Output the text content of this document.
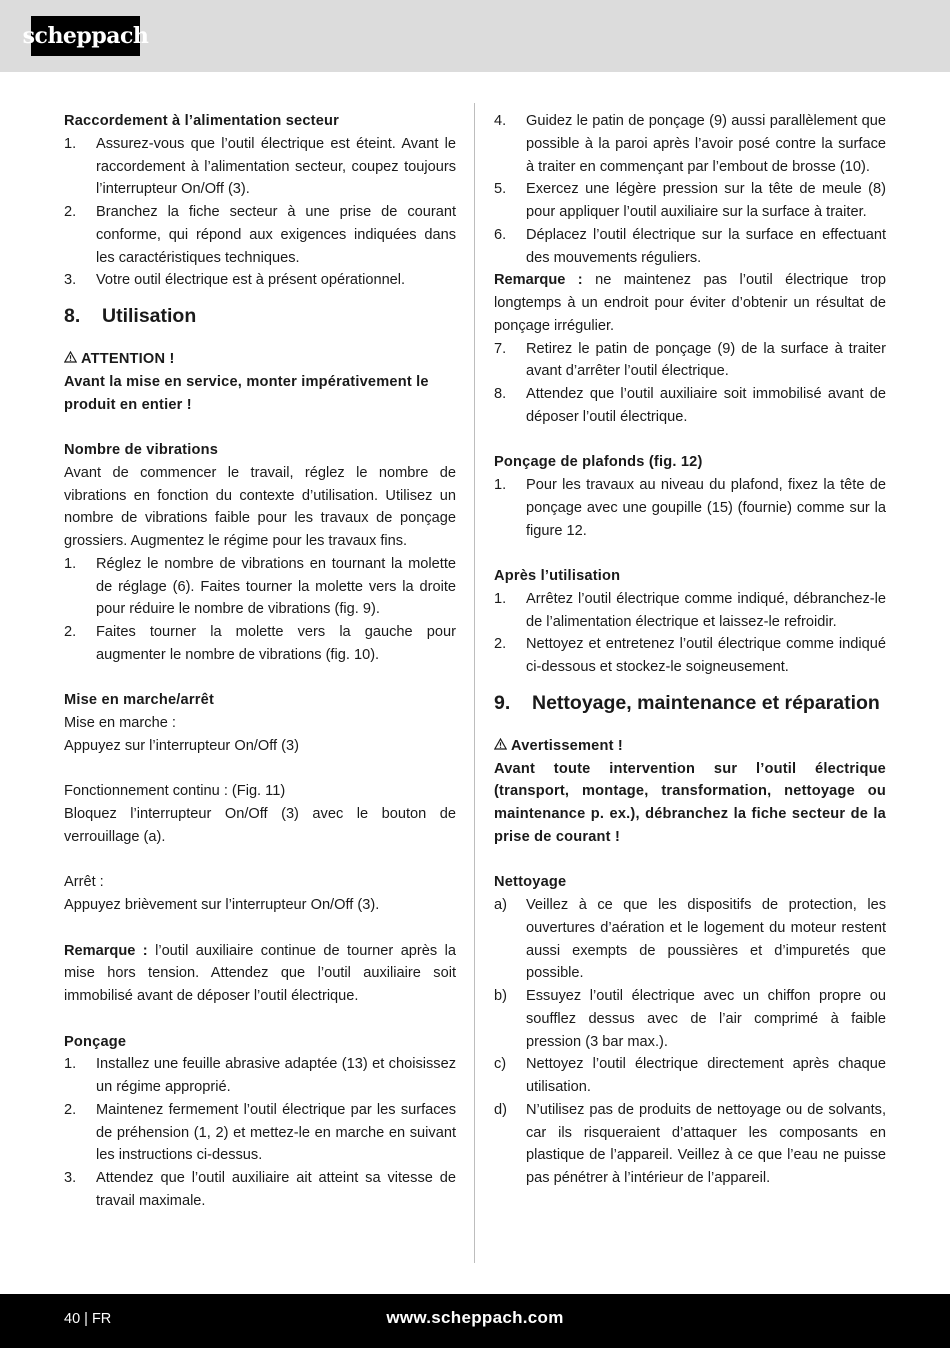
scheppach

Raccordement à l’alimentation secteur

1.	Assurez-vous que l’outil électrique est éteint. Avant le raccordement à l’alimentation secteur, coupez toujours l’interrupteur On/Off (3).
2.	Branchez la fiche secteur à une prise de courant conforme, qui répond aux exigences indiquées dans les caractéristiques techniques.
3.	Votre outil électrique est à présent opérationnel.
8.	Utilisation

ATTENTION !

Avant la mise en service, monter impérativement le produit en entier !

Nombre de vibrations

Avant de commencer le travail, réglez le nombre de vibrations en fonction du contexte d’utilisation. Utilisez un nombre de vibrations faible pour les travaux de ponçage grossiers. Augmentez le régime pour les travaux fins.

1.	Réglez le nombre de vibrations en tournant la molette de réglage (6). Faites tourner la molette vers la droite pour réduire le nombre de vibrations (fig. 9).
2.	Faites tourner la molette vers la gauche pour augmenter le nombre de vibrations (fig. 10).

Mise en marche/arrêt

Mise en marche :

Appuyez sur l’interrupteur On/Off (3)

Fonctionnement continu : (Fig. 11)

Bloquez l’interrupteur On/Off (3) avec le bouton de verrouillage (a).

Arrêt :

Appuyez brièvement sur l’interrupteur On/Off (3).

Remarque : l’outil auxiliaire continue de tourner après la mise hors tension. Attendez que l’outil auxiliaire soit immobilisé avant de déposer l’outil électrique.

Ponçage

1.	Installez une feuille abrasive adaptée (13) et choisissez un régime approprié.
2.	Maintenez fermement l’outil électrique par les surfaces de préhension (1, 2) et mettez-le en marche en suivant les instructions ci-dessus.
3.	Attendez que l’outil auxiliaire ait atteint sa vitesse de travail maximale.
4.	Guidez le patin de ponçage (9) aussi parallèlement que possible à la paroi après l’avoir posé contre la surface à traiter en commençant par l’embout de brosse (10).
5.	Exercez une légère pression sur la tête de meule (8) pour appliquer l’outil auxiliaire sur la surface à traiter.
6.	Déplacez l’outil électrique sur la surface en effectuant des mouvements réguliers.

Remarque : ne maintenez pas l’outil électrique trop longtemps à un endroit pour éviter d’obtenir un résultat de ponçage irrégulier.

7.	Retirez le patin de ponçage (9) de la surface à traiter avant d’arrêter l’outil électrique.
8.	Attendez que l’outil auxiliaire soit immobilisé avant de déposer l’outil électrique.

Ponçage de plafonds (fig. 12)

1.	Pour les travaux au niveau du plafond, fixez la tête de ponçage avec une goupille (15) (fournie) comme sur la figure 12.

Après l’utilisation

1.	Arrêtez l’outil électrique comme indiqué, débranchez-le de l’alimentation électrique et laissez-le refroidir.
2.	Nettoyez et entretenez l’outil électrique comme indiqué ci-dessous et stockez-le soigneusement.
9.	Nettoyage, maintenance et réparation

Avertissement !

Avant toute intervention sur l’outil électrique (transport, montage, transformation, nettoyage ou maintenance p. ex.), débranchez la fiche secteur de la prise de courant !

Nettoyage

a)	Veillez à ce que les dispositifs de protection, les ouvertures d’aération et le logement du moteur restent aussi exempts de poussières et d’impuretés que possible.
b)	Essuyez l’outil électrique avec un chiffon propre ou soufflez dessus avec de l’air comprimé à faible pression (3 bar max.).
c)	Nettoyez l’outil électrique directement après chaque utilisation.
d)	N’utilisez pas de produits de nettoyage ou de solvants, car ils risqueraient d’attaquer les composants en plastique de l’appareil. Veillez à ce que l’eau ne puisse pas pénétrer à l’intérieur de l’appareil.
40 | FR	www.scheppach.com
